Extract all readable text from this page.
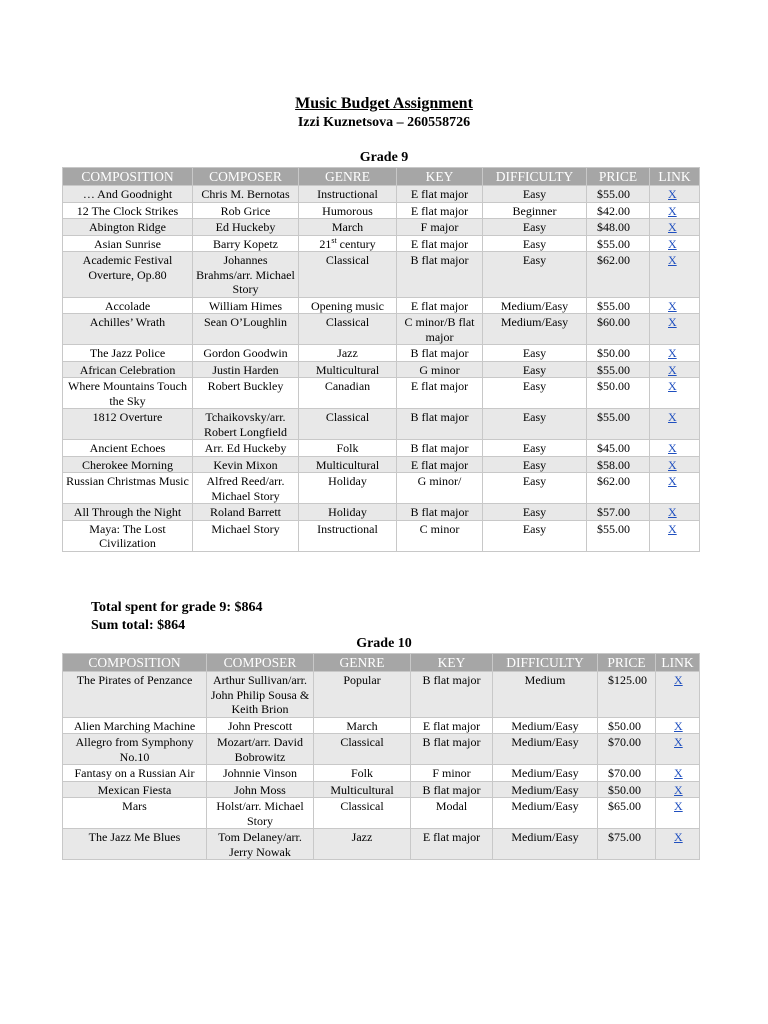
Music Budget Assignment
Izzi Kuznetsova – 260558726
Grade 9
COMPOSITION	COMPOSER	GENRE	KEY	DIFFICULTY	PRICE	LINK
… And Goodnight	Chris M. Bernotas	Instructional	E flat major	Easy	$55.00	X
12 The Clock Strikes	Rob Grice	Humorous	E flat major	Beginner	$42.00	X
Abington Ridge	Ed Huckeby	March	F major	Easy	$48.00	X
Asian Sunrise	Barry Kopetz	21st century	E flat major	Easy	$55.00	X
Academic Festival Overture, Op.80	Johannes Brahms/arr. Michael Story	Classical	B flat major	Easy	$62.00	X
Accolade	William Himes	Opening music	E flat major	Medium/Easy	$55.00	X
Achilles’ Wrath	Sean O’Loughlin	Classical	C minor/B flat major	Medium/Easy	$60.00	X
The Jazz Police	Gordon Goodwin	Jazz	B flat major	Easy	$50.00	X
African Celebration	Justin Harden	Multicultural	G minor	Easy	$55.00	X
Where Mountains Touch the Sky	Robert Buckley	Canadian	E flat major	Easy	$50.00	X
1812 Overture	Tchaikovsky/arr. Robert Longfield	Classical	B flat major	Easy	$55.00	X
Ancient Echoes	Arr. Ed Huckeby	Folk	B flat major	Easy	$45.00	X
Cherokee Morning	Kevin Mixon	Multicultural	E flat major	Easy	$58.00	X
Russian Christmas Music	Alfred Reed/arr. Michael Story	Holiday	G minor/	Easy	$62.00	X
All Through the Night	Roland Barrett	Holiday	B flat major	Easy	$57.00	X
Maya: The Lost Civilization	Michael Story	Instructional	C minor	Easy	$55.00	X
Total spent for grade 9: $864
Sum total: $864
Grade 10
COMPOSITION	COMPOSER	GENRE	KEY	DIFFICULTY	PRICE	LINK
The Pirates of Penzance	Arthur Sullivan/arr. John Philip Sousa & Keith Brion	Popular	B flat major	Medium	$125.00	X
Alien Marching Machine	John Prescott	March	E flat major	Medium/Easy	$50.00	X
Allegro from Symphony No.10	Mozart/arr. David Bobrowitz	Classical	B flat major	Medium/Easy	$70.00	X
Fantasy on a Russian Air	Johnnie Vinson	Folk	F minor	Medium/Easy	$70.00	X
Mexican Fiesta	John Moss	Multicultural	B flat major	Medium/Easy	$50.00	X
Mars	Holst/arr. Michael Story	Classical	Modal	Medium/Easy	$65.00	X
The Jazz Me Blues	Tom Delaney/arr. Jerry Nowak	Jazz	E flat major	Medium/Easy	$75.00	X
